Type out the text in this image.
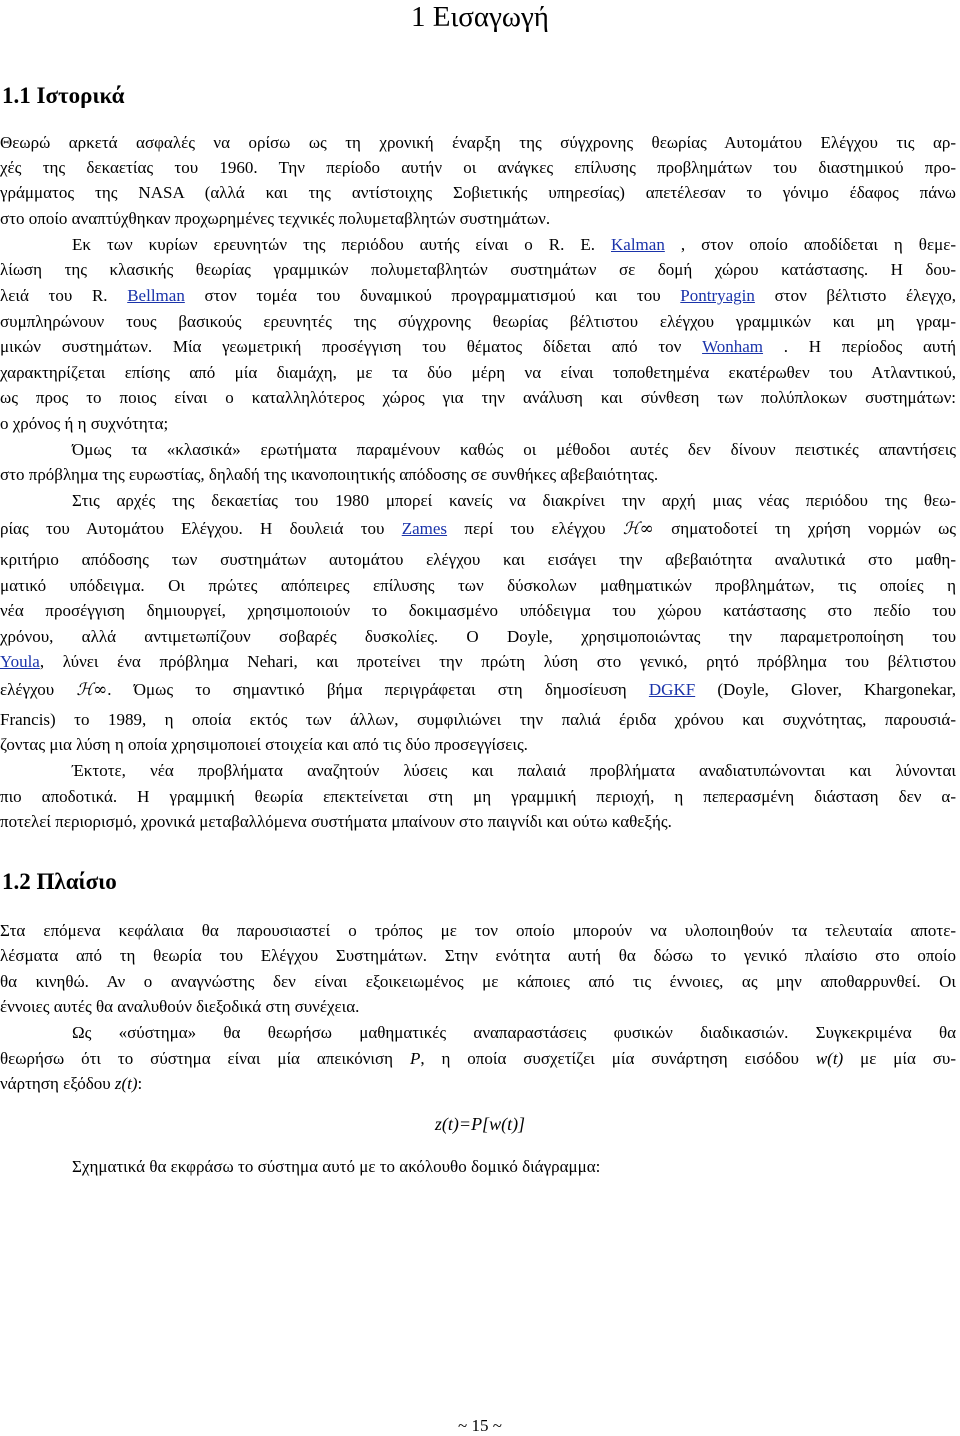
1 Εισαγωγή
1.1 Ιστορικά
Θεωρώ αρκετά ασφαλές να ορίσω ως τη χρονική έναρξη της σύγχρονης θεωρίας Αυτομάτου Ελέγχου τις αρ-
χές της δεκαετίας του 1960. Την περίοδο αυτήν οι ανάγκες επίλυσης προβλημάτων του διαστημικού προ-
γράμματος της NASA (αλλά και της αντίστοιχης Σοβιετικής υπηρεσίας) απετέλεσαν το γόνιμο έδαφος πάνω
στο οποίο αναπτύχθηκαν προχωρημένες τεχνικές πολυμεταβλητών συστημάτων.
Εκ των κυρίων ερευνητών της περιόδου αυτής είναι ο R. E. Kalman , στον οποίο αποδίδεται η θεμε-
λίωση της κλασικής θεωρίας γραμμικών πολυμεταβλητών συστημάτων σε δομή χώρου κατάστασης. Η δου-
λειά του R. Bellman στον τομέα του δυναμικού προγραμματισμού και του Pontryagin στον βέλτιστο έλεγχο,
συμπληρώνουν τους βασικούς ερευνητές της σύγχρονης θεωρίας βέλτιστου ελέγχου γραμμικών και μη γραμ-
μικών συστημάτων. Μία γεωμετρική προσέγγιση του θέματος δίδεται από τον Wonham . Η περίοδος αυτή
χαρακτηρίζεται επίσης από μία διαμάχη, με τα δύο μέρη να είναι τοποθετημένα εκατέρωθεν του Ατλαντικού,
ως προς το ποιος είναι ο καταλληλότερος χώρος για την ανάλυση και σύνθεση των πολύπλοκων συστημάτων:
ο χρόνος ή η συχνότητα;
Όμως τα «κλασικά» ερωτήματα παραμένουν καθώς οι μέθοδοι αυτές δεν δίνουν πειστικές απαντήσεις
στο πρόβλημα της ευρωστίας, δηλαδή της ικανοποιητικής απόδοσης σε συνθήκες αβεβαιότητας.
Στις αρχές της δεκαετίας του 1980 μπορεί κανείς να διακρίνει την αρχή μιας νέας περιόδου της θεω-
ρίας του Αυτομάτου Ελέγχου. Η δουλειά του Zames περί του ελέγχου ℋ∞ σηματοδοτεί τη χρήση νορμών ως
κριτήριο απόδοσης των συστημάτων αυτομάτου ελέγχου και εισάγει την αβεβαιότητα αναλυτικά στο μαθη-
ματικό υπόδειγμα. Οι πρώτες απόπειρες επίλυσης των δύσκολων μαθηματικών προβλημάτων, τις οποίες η
νέα προσέγγιση δημιουργεί, χρησιμοποιούν το δοκιμασμένο υπόδειγμα του χώρου κατάστασης στο πεδίο του
χρόνου, αλλά αντιμετωπίζουν σοβαρές δυσκολίες. Ο Doyle, χρησιμοποιώντας την παραμετροποίηση του
Youla, λύνει ένα πρόβλημα Nehari, και προτείνει την πρώτη λύση στο γενικό, ρητό πρόβλημα του βέλτιστου
ελέγχου ℋ∞. Όμως το σημαντικό βήμα περιγράφεται στη δημοσίευση DGKF (Doyle, Glover, Khargonekar,
Francis) το 1989, η οποία εκτός των άλλων, συμφιλιώνει την παλιά έριδα χρόνου και συχνότητας, παρουσιά-
ζοντας μια λύση η οποία χρησιμοποιεί στοιχεία και από τις δύο προσεγγίσεις.
Έκτοτε, νέα προβλήματα αναζητούν λύσεις και παλαιά προβλήματα αναδιατυπώνονται και λύνονται
πιο αποδοτικά. Η γραμμική θεωρία επεκτείνεται στη μη γραμμική περιοχή, η πεπερασμένη διάσταση δεν α-
ποτελεί περιορισμό, χρονικά μεταβαλλόμενα συστήματα μπαίνουν στο παιγνίδι και ούτω καθεξής.
1.2 Πλαίσιο
Στα επόμενα κεφάλαια θα παρουσιαστεί ο τρόπος με τον οποίο μπορούν να υλοποιηθούν τα τελευταία αποτε-
λέσματα από τη θεωρία του Ελέγχου Συστημάτων. Στην ενότητα αυτή θα δώσω το γενικό πλαίσιο στο οποίο
θα κινηθώ. Αν ο αναγνώστης δεν είναι εξοικειωμένος με κάποιες από τις έννοιες, ας μην αποθαρρυνθεί. Οι
έννοιες αυτές θα αναλυθούν διεξοδικά στη συνέχεια.
Ως «σύστημα» θα θεωρήσω μαθηματικές αναπαραστάσεις φυσικών διαδικασιών. Συγκεκριμένα θα
θεωρήσω ότι το σύστημα είναι μία απεικόνιση P, η οποία συσχετίζει μία συνάρτηση εισόδου w(t) με μία συ-
νάρτηση εξόδου z(t):
z(t)=P[w(t)]
Σχηματικά θα εκφράσω το σύστημα αυτό με το ακόλουθο δομικό διάγραμμα:
~ 15 ~
